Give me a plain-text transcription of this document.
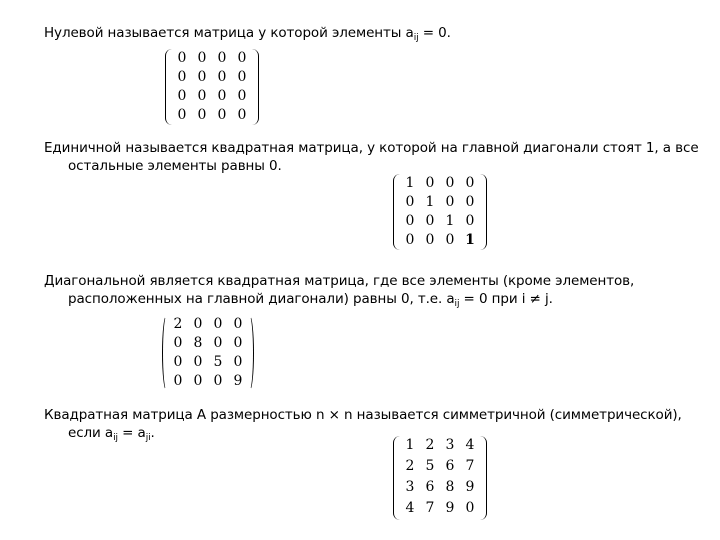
Нулевой называется матрица у которой элементы $a_{ij} = 0$.
0 0 0 0
0 0 0 0
0 0 0 0
0 0 0 0
Единичной называется квадратная матрица, у которой на главной диагонали стоят 1, а все
остальные элементы равны 0.
1 0 0 0
0 1 0 0
0 0 1 0
0 0 0 1
Диагональной является квадратная матрица, где все элементы (кроме элементов,
расположенных на главной диагонали) равны 0, т.е. $a_{ij} = 0$ при i ≠ j.
2 0 0 0
0 8 0 0
0 0 5 0
0 0 0 9
Квадратная матрица A размерностью n × n называется симметричной (симметрической),
если $a_{ij} = a_{ji}$.
1 2 3 4
2 5 6 7
3 6 8 9
4 7 9 0
